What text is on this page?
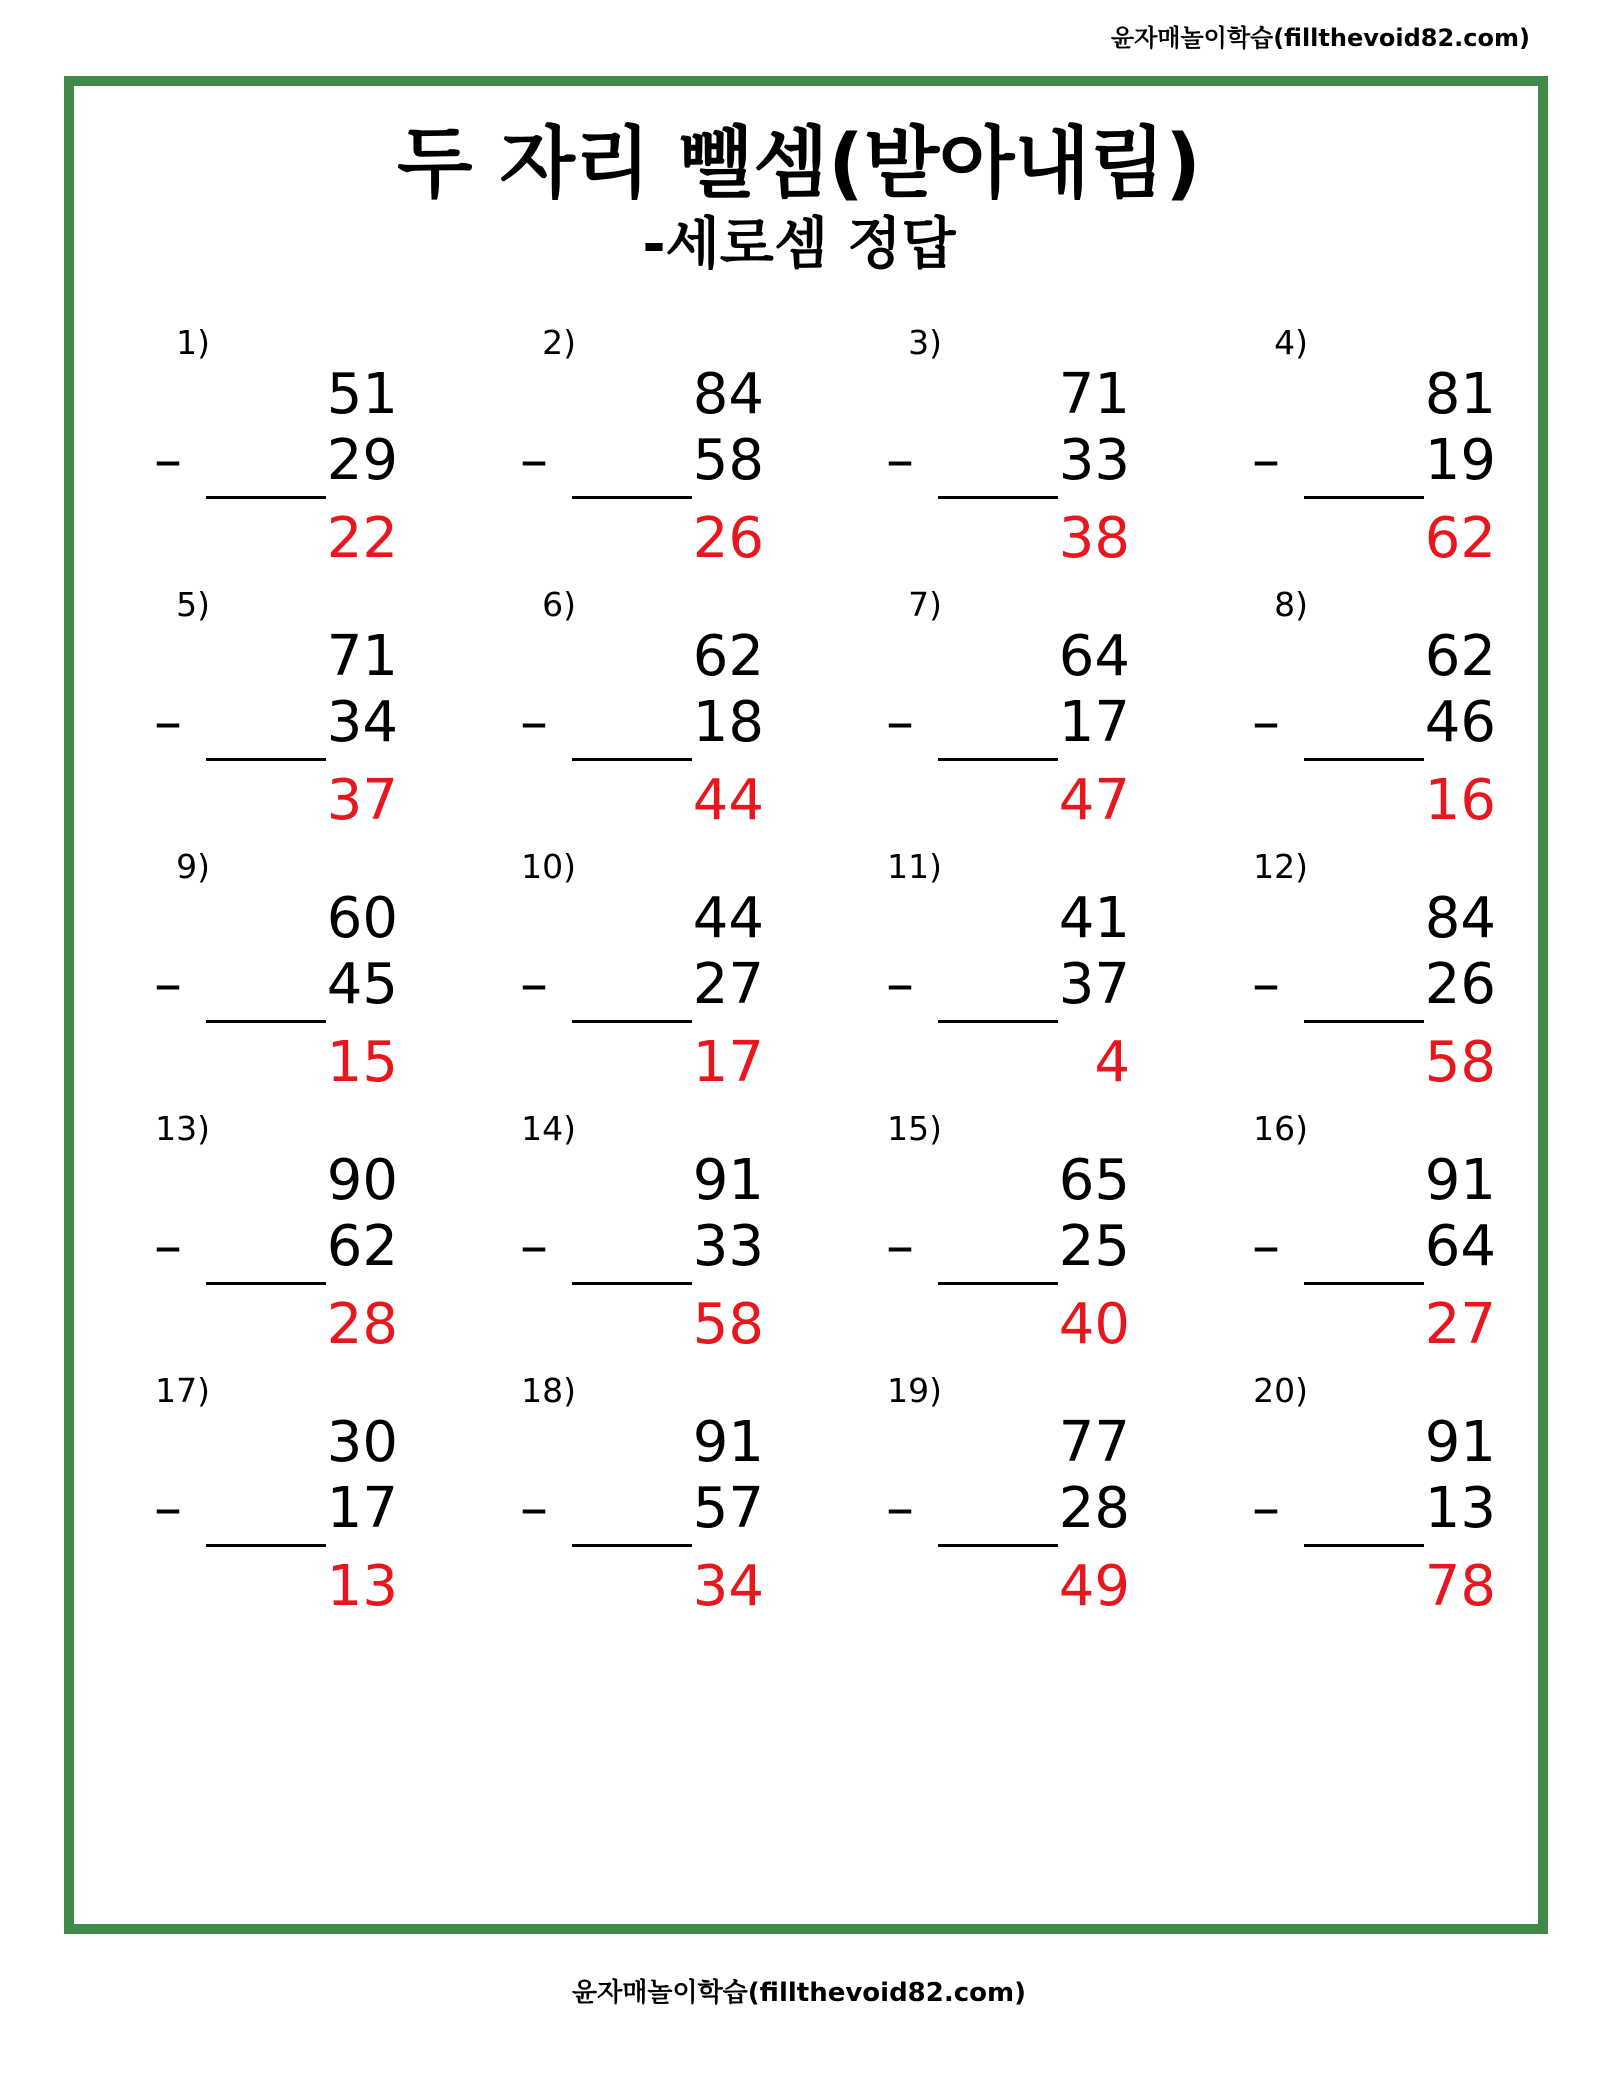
윤자매놀이학습(fillthevoid82.com)
두 자리 뺄셈(받아내림)
-세로셈 정답
1)
51
–	29
22
2)
84
–	58
26
3)
71
–	33
38
4)
81
–	19
62
5)
71
–	34
37
6)
62
–	18
44
7)
64
–	17
47
8)
62
–	46
16
9)
60
–	45
15
10)
44
–	27
17
11)
41
–	37
4
12)
84
–	26
58
13)
90
–	62
28
14)
91
–	33
58
15)
65
–	25
40
16)
91
–	64
27
17)
30
–	17
13
18)
91
–	57
34
19)
77
–	28
49
20)
91
–	13
78
윤자매놀이학습(fillthevoid82.com)
